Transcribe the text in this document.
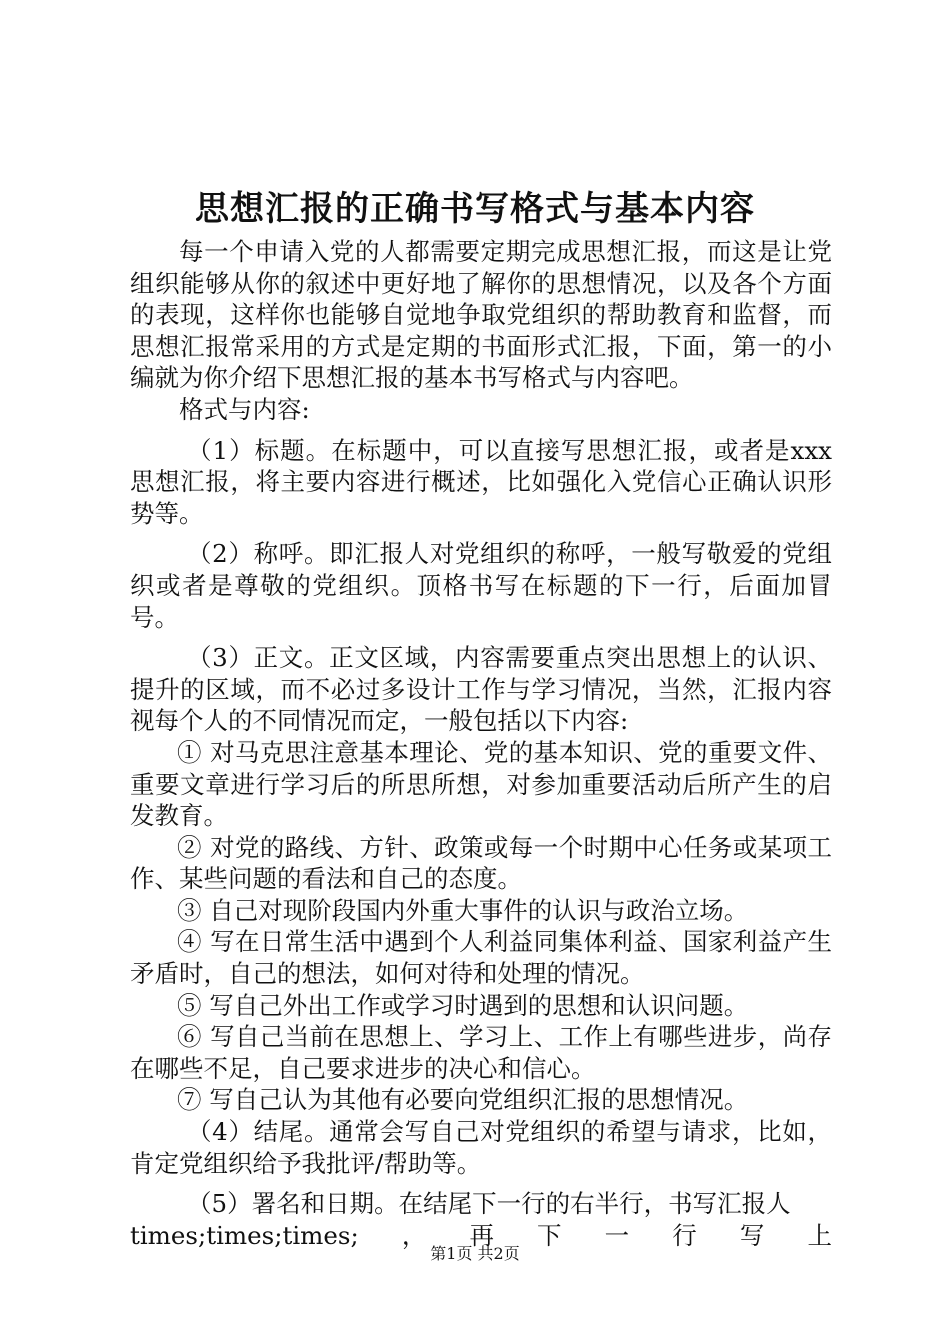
思想汇报的正确书写格式与基本内容

每一个申请入党的人都需要定期完成思想汇报，而这是让党组织能够从你的叙述中更好地了解你的思想情况，以及各个方面的表现，这样你也能够自觉地争取党组织的帮助教育和监督，而思想汇报常采用的方式是定期的书面形式汇报，下面，第一的小编就为你介绍下思想汇报的基本书写格式与内容吧。

格式与内容:

（1）标题。在标题中，可以直接写思想汇报，或者是xxx思想汇报，将主要内容进行概述，比如强化入党信心正确认识形势等。

（2）称呼。即汇报人对党组织的称呼，一般写敬爱的党组织或者是尊敬的党组织。顶格书写在标题的下一行，后面加冒号。

（3）正文。正文区域，内容需要重点突出思想上的认识、提升的区域，而不必过多设计工作与学习情况，当然，汇报内容视每个人的不同情况而定，一般包括以下内容:

① 对马克思注意基本理论、党的基本知识、党的重要文件、重要文章进行学习后的所思所想，对参加重要活动后所产生的启发教育。

② 对党的路线、方针、政策或每一个时期中心任务或某项工作、某些问题的看法和自己的态度。

③ 自己对现阶段国内外重大事件的认识与政治立场。

④ 写在日常生活中遇到个人利益同集体利益、国家利益产生矛盾时，自己的想法，如何对待和处理的情况。

⑤ 写自己外出工作或学习时遇到的思想和认识问题。

⑥ 写自己当前在思想上、学习上、工作上有哪些进步，尚存在哪些不足，自己要求进步的决心和信心。

⑦ 写自己认为其他有必要向党组织汇报的思想情况。

（4）结尾。通常会写自己对党组织的希望与请求，比如，肯定党组织给予我批评/帮助等。

（5）署名和日期。在结尾下一行的右半行，书写汇报人

times;times;times; ， 再 下 一 行 写 上
第1页 共2页
